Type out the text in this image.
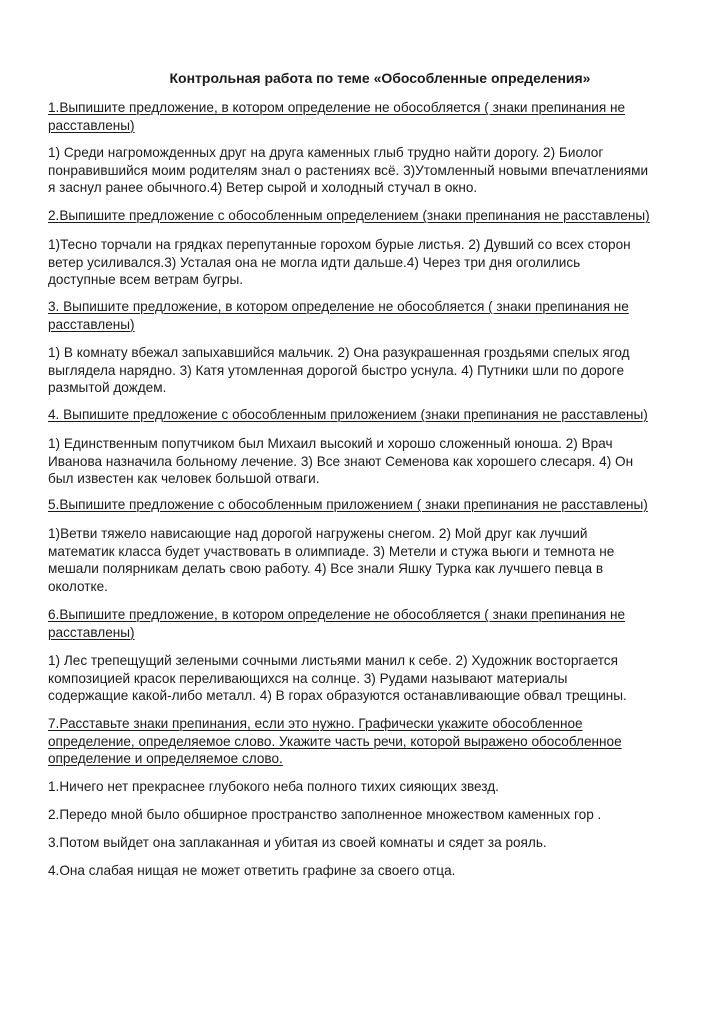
Контрольная работа по теме «Обособленные определения»
1.Выпишите предложение, в котором определение не обособляется ( знаки препинания не
расставлены)
1) Среди нагроможденных друг на друга каменных глыб трудно найти дорогу. 2) Биолог
понравившийся моим родителям знал о растениях всё. 3)Утомленный новыми впечатлениями
я заснул ранее обычного.4) Ветер сырой и холодный стучал в окно.
2.Выпишите предложение с обособленным определением (знаки препинания не расставлены)
1)Тесно торчали на грядках перепутанные горохом бурые листья. 2) Дувший со всех сторон
ветер усиливался.3) Усталая она не могла идти дальше.4) Через три дня оголились
доступные всем ветрам бугры.
3. Выпишите предложение, в котором определение не обособляется ( знаки препинания не
расставлены)
1) В комнату вбежал запыхавшийся мальчик. 2) Она разукрашенная гроздьями спелых ягод
выглядела нарядно. 3) Катя утомленная дорогой быстро уснула. 4) Путники шли по дороге
размытой дождем.
4. Выпишите предложение с обособленным приложением (знаки препинания не расставлены)
1) Единственным попутчиком был Михаил высокий и хорошо сложенный юноша. 2) Врач
Иванова назначила больному лечение. 3) Все знают Семенова как хорошего слесаря. 4) Он
был известен как человек большой отваги.
5.Выпишите предложение с обособленным приложением ( знаки препинания не расставлены)
1)Ветви тяжело нависающие над дорогой нагружены снегом. 2) Мой друг как лучший
математик класса будет участвовать в олимпиаде. 3) Метели и стужа вьюги и темнота не
мешали полярникам делать свою работу. 4) Все знали Яшку Турка как лучшего певца в
околотке.
6.Выпишите предложение, в котором определение не обособляется ( знаки препинания не
расставлены)
1) Лес трепещущий зелеными сочными листьями манил к себе. 2) Художник восторгается
композицией красок переливающихся на солнце. 3) Рудами называют материалы
содержащие какой-либо металл. 4) В горах образуются останавливающие обвал трещины.
7.Расставьте знаки препинания, если это нужно. Графически укажите обособленное
определение, определяемое слово. Укажите часть речи, которой выражено обособленное
определение и определяемое слово.
1.Ничего нет прекраснее глубокого неба полного тихих сияющих звезд.
2.Передо мной было обширное пространство заполненное множеством каменных гор .
3.Потом выйдет она заплаканная и убитая из своей комнаты и сядет за рояль.
4.Она слабая нищая не может ответить графине за своего отца.
